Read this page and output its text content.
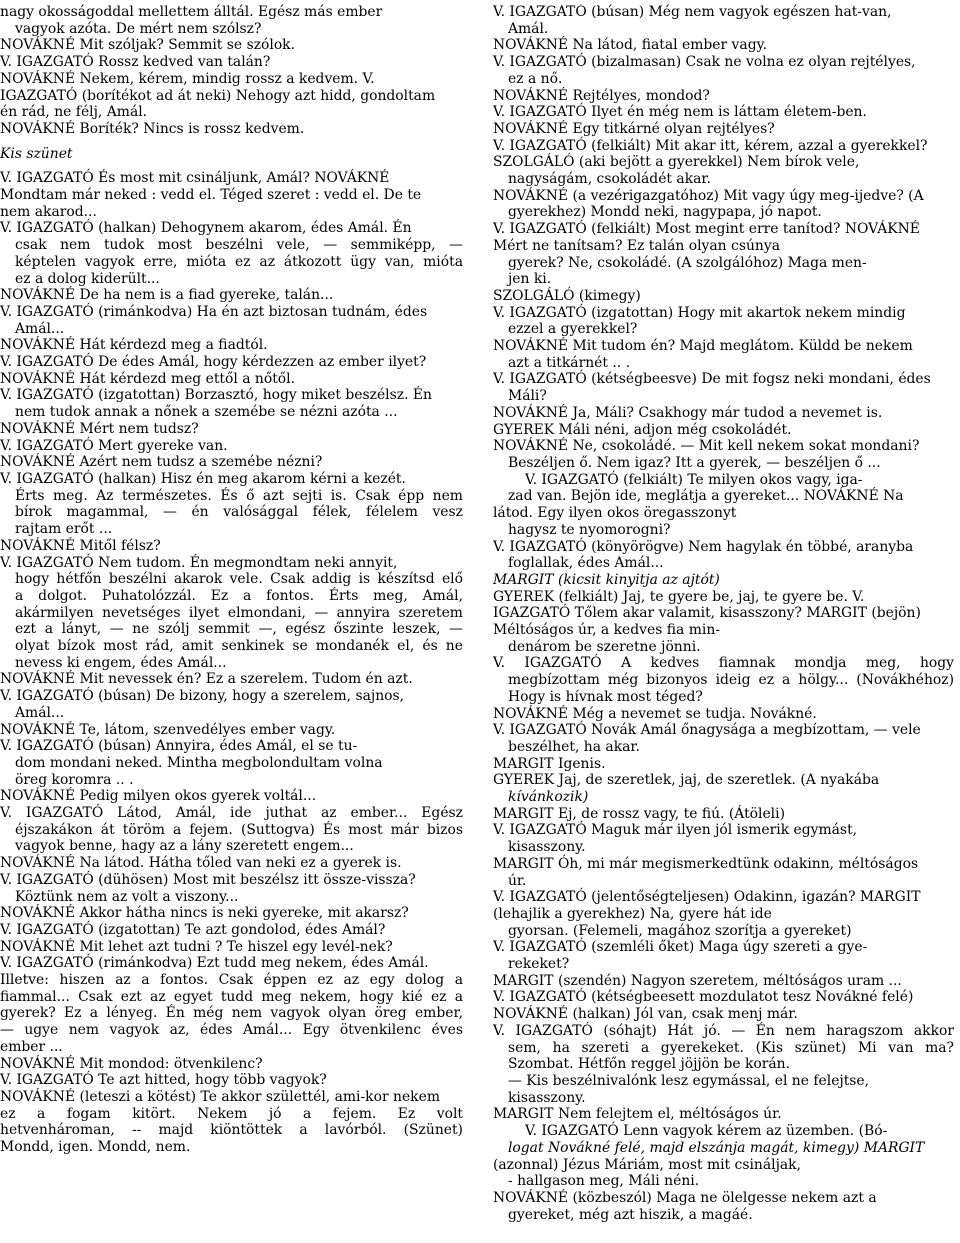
nagy okosságoddal mellettem álltál. Egész más ember
vagyok azóta. De mért nem szólsz?
NOVÁKNÉ Mit szóljak? Semmit se szólok.
V. IGAZGATÓ Rossz kedved van talán?
NOVÁKNÉ Nekem, kérem, mindig rossz a kedvem. V.
IGAZGATÓ (borítékot ad át neki) Nehogy azt hidd, gondoltam
én rád, ne félj, Amál.
NOVÁKNÉ Boríték? Nincs is rossz kedvem.
Kis szünet
V. IGAZGATÓ És most mit csináljunk, Amál? NOVÁKNÉ
Mondtam már neked : vedd el. Téged szeret : vedd el. De te
nem akarod...
V. IGAZGATÓ (halkan) Dehogynem akarom, édes Amál. Én
csak nem tudok most beszélni vele, — semmiképp, —
képtelen vagyok erre, mióta ez az átkozott ügy van, mióta
ez a dolog kiderült...
NOVÁKNÉ De ha nem is a fiad gyereke, talán...
V. IGAZGATÓ (rimánkodva) Ha én azt biztosan tudnám, édes
Amál...
NOVÁKNÉ Hát kérdezd meg a fiadtól.
V. IGAZGATÓ De édes Amál, hogy kérdezzen az ember ilyet?
NOVÁKNÉ Hát kérdezd meg ettől a nőtől.
V. IGAZGATÓ (izgatottan) Borzasztó, hogy miket beszélsz. Én
nem tudok annak a nőnek a szemébe se nézni azóta ...
NOVÁKNÉ Mért nem tudsz?
V. IGAZGATÓ Mert gyereke van.
NOVÁKNÉ Azért nem tudsz a szemébe nézni?
V. IGAZGATÓ (halkan) Hisz én meg akarom kérni a kezét.
Érts meg. Az természetes. És ő azt sejti is. Csak épp nem
bírok magammal, — én valósággal félek, félelem vesz
rajtam erőt ...
NOVÁKNÉ Mitől félsz?
V. IGAZGATÓ Nem tudom. Én megmondtam neki annyit,
hogy hétfőn beszélni akarok vele. Csak addig is készítsd elő
a dolgot. Puhatolózzál. Ez a fontos. Érts meg, Amál,
akármilyen nevetséges ilyet elmondani, — annyira szeretem
ezt a lányt, — ne szólj semmit —, egész őszinte leszek, —
olyat bízok most rád, amit senkinek se mondanék el, és ne
nevess ki engem, édes Amál...
NOVÁKNÉ Mit nevessek én? Ez a szerelem. Tudom én azt.
V. IGAZGATÓ (búsan) De bizony, hogy a szerelem, sajnos,
Amál...
NOVÁKNÉ Te, látom, szenvedélyes ember vagy.
V. IGAZGATÓ (búsan) Annyira, édes Amál, el se tu-
dom mondani neked. Mintha megbolondultam volna
öreg koromra .. .
NOVÁKNÉ Pedig milyen okos gyerek voltál...
V. IGAZGATÓ Látod, Amál, ide juthat az ember... Egész
éjszakákon át töröm a fejem. (Suttogva) És most már bizos
vagyok benne, hagy az a lány szeretett engem...
NOVÁKNÉ Na látod. Hátha tőled van neki ez a gyerek is.
V. IGAZGATÓ (dühösen) Most mit beszélsz itt össze-vissza?
Köztünk nem az volt a viszony...
NOVÁKNÉ Akkor hátha nincs is neki gyereke, mit akarsz?
V. IGAZGATÓ (izgatottan) Te azt gondolod, édes Amál?
NOVÁKNÉ Mit lehet azt tudni ? Te hiszel egy levél-nek?
V. IGAZGATÓ (rimánkodva) Ezt tudd meg nekem, édes Amál.
Illetve: hiszen az a fontos. Csak éppen ez az egy dolog a
fiammal... Csak ezt az egyet tudd meg nekem, hogy kié ez a
gyerek? Ez a lényeg. Én még nem vagyok olyan öreg ember,
— ugye nem vagyok az, édes Amál... Egy ötvenkilenc éves
ember ...
NOVÁKNÉ Mit mondod: ötvenkilenc?
V. IGAZGATÓ Te azt hitted, hogy több vagyok?
NOVÁKNÉ (leteszi a kötést) Te akkor születtél, ami-kor nekem
ez a fogam kitört. Nekem jó a fejem. Ez volt
hetvenhároman, -- majd kiöntöttek a lavórból. (Szünet)
Mondd, igen. Mondd, nem.
V. IGAZGATÓ (búsan) Még nem vagyok egészen hat-van,
Amál.
NOVÁKNÉ Na látod, fiatal ember vagy.
V. IGAZGATÓ (bizalmasan) Csak ne volna ez olyan rejtélyes,
ez a nő.
NOVÁKNÉ Rejtélyes, mondod?
V. IGAZGATÓ Ilyet én még nem is láttam életem-ben.
NOVÁKNÉ Egy titkárné olyan rejtélyes?
V. IGAZGATÓ (felkiált) Mit akar itt, kérem, azzal a gyerekkel?
SZOLGÁLÓ (aki bejött a gyerekkel) Nem bírok vele,
nagyságám, csokoládét akar.
NOVÁKNÉ (a vezérigazgatóhoz) Mit vagy úgy meg-ijedve? (A
gyerekhez) Mondd neki, nagypapa, jó napot.
V. IGAZGATÓ (felkiált) Most megint erre tanítod? NOVÁKNÉ
Mért ne tanítsam? Ez talán olyan csúnya
gyerek? Ne, csokoládé. (A szolgálóhoz) Maga men-
jen ki.
SZOLGÁLÓ (kimegy)
V. IGAZGATÓ (izgatottan) Hogy mit akartok nekem mindig
ezzel a gyerekkel?
NOVÁKNÉ Mit tudom én? Majd meglátom. Küldd be nekem
azt a titkárnét .. .
V. IGAZGATÓ (kétségbeesve) De mit fogsz neki mondani, édes
Máli?
NOVÁKNÉ Ja, Máli? Csakhogy már tudod a nevemet is.
GYEREK Máli néni, adjon még csokoládét.
NOVÁKNÉ Ne, csokoládé. — Mit kell nekem sokat mondani?
Beszéljen ő. Nem igaz? Itt a gyerek, — beszéljen ő ...
V. IGAZGATÓ (felkiált) Te milyen okos vagy, iga-
zad van. Bejön ide, meglátja a gyereket... NOVÁKNÉ Na
látod. Egy ilyen okos öregasszonyt
hagysz te nyomorogni?
V. IGAZGATÓ (könyörögve) Nem hagylak én többé, aranyba
foglallak, édes Amál...
MARGIT (kicsit kinyitja az ajtót)
GYEREK (felkiált) Jaj, te gyere be, jaj, te gyere be. V.
IGAZGATÓ Tőlem akar valamit, kisasszony? MARGIT (bejön)
Méltóságos úr, a kedves fia min-
denárom be szeretne jönni.
V. IGAZGATÓ A kedves fiamnak mondja meg, hogy
megbízottam még bizonyos ideig ez a hölgy... (Novákhéhoz)
Hogy is hívnak most téged?
NOVÁKNÉ Még a nevemet se tudja. Novákné.
V. IGAZGATÓ Novák Amál őnagysága a megbízottam, — vele
beszélhet, ha akar.
MARGIT Igenis.
GYEREK Jaj, de szeretlek, jaj, de szeretlek. (A nyakába
kívánkozik)
MARGIT Ej, de rossz vagy, te fiú. (Átöleli)
V. IGAZGATÓ Maguk már ilyen jól ismerik egymást,
kisasszony.
MARGIT Óh, mi már megismerkedtünk odakinn, méltóságos
úr.
V. IGAZGATÓ (jelentőségteljesen) Odakinn, igazán? MARGIT
(lehajlik a gyerekhez) Na, gyere hát ide
gyorsan. (Felemeli, magához szorítja a gyereket)
V. IGAZGATÓ (szemléli őket) Maga úgy szereti a gye-
rekeket?
MARGIT (szendén) Nagyon szeretem, méltóságos uram ...
V. IGAZGATÓ (kétségbeesett mozdulatot tesz Novákné felé)
NOVÁKNÉ (halkan) Jól van, csak menj már.
V. IGAZGATÓ (sóhajt) Hát jó. — Én nem haragszom akkor
sem, ha szereti a gyerekeket. (Kis szünet) Mi van ma?
Szombat. Hétfőn reggel jöjjön be korán.
— Kis beszélnivalónk lesz egymással, el ne felejtse,
kisasszony.
MARGIT Nem felejtem el, méltóságos úr.
V. IGAZGATÓ Lenn vagyok kérem az üzemben. (Bó-
logat Novákné felé, majd elszánja magát, kimegy) MARGIT
(azonnal) Jézus Máriám, most mit csináljak,
- hallgason meg, Máli néni.
NOVÁKNÉ (közbeszól) Maga ne ölelgesse nekem azt a
gyereket, még azt hiszik, a magáé.
